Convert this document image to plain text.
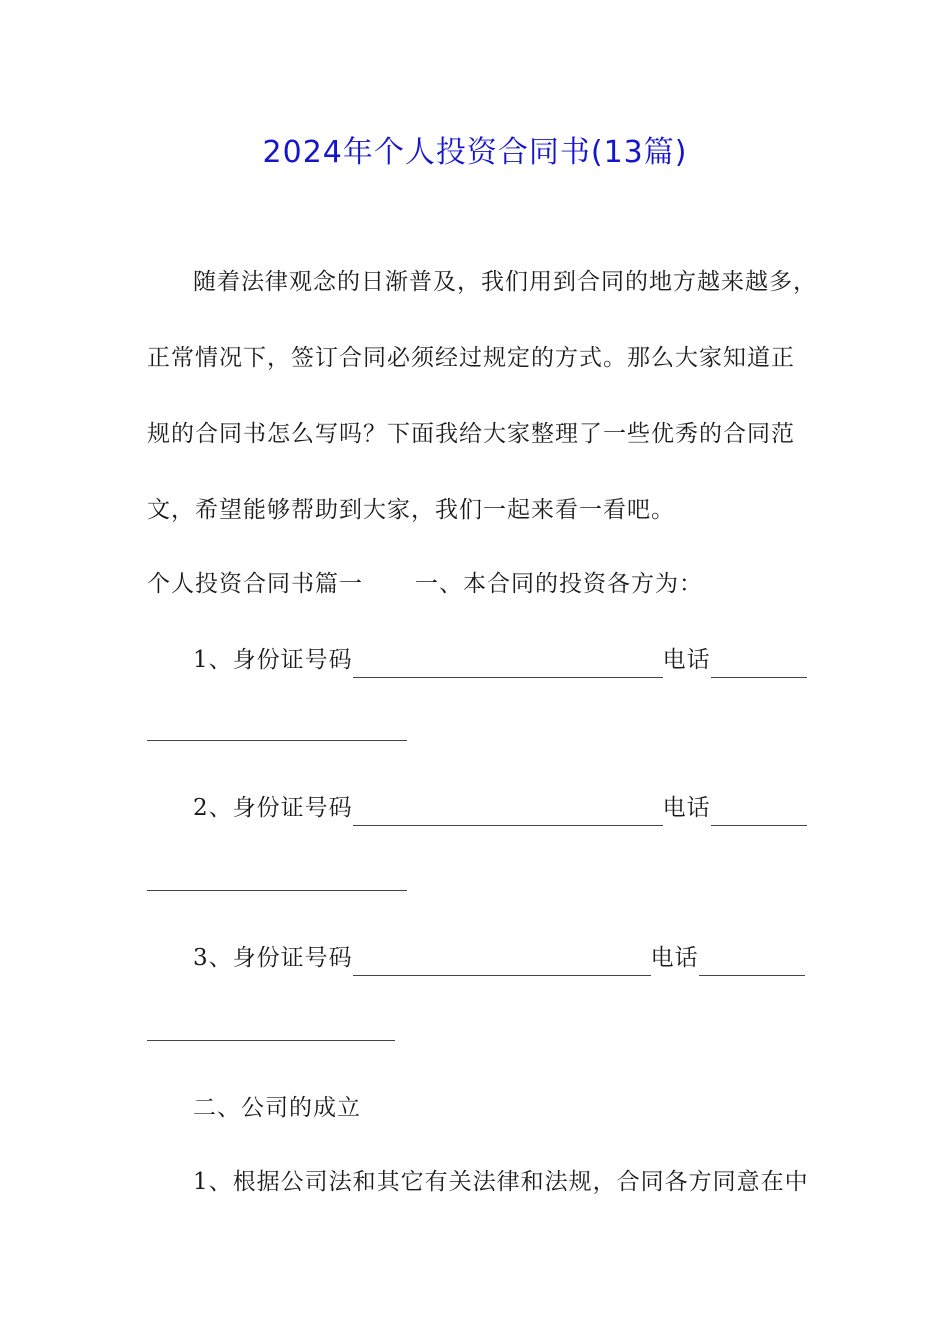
2024年个人投资合同书(13篇)
随着法律观念的日渐普及，我们用到合同的地方越来越多，
正常情况下，签订合同必须经过规定的方式。那么大家知道正
规的合同书怎么写吗？下面我给大家整理了一些优秀的合同范
文，希望能够帮助到大家，我们一起来看一看吧。
个人投资合同书篇一 一、本合同的投资各方为：
1、身份证号码	电话
2、身份证号码	电话
3、身份证号码	电话
二、公司的成立
1、根据公司法和其它有关法律和法规，合同各方同意在中
